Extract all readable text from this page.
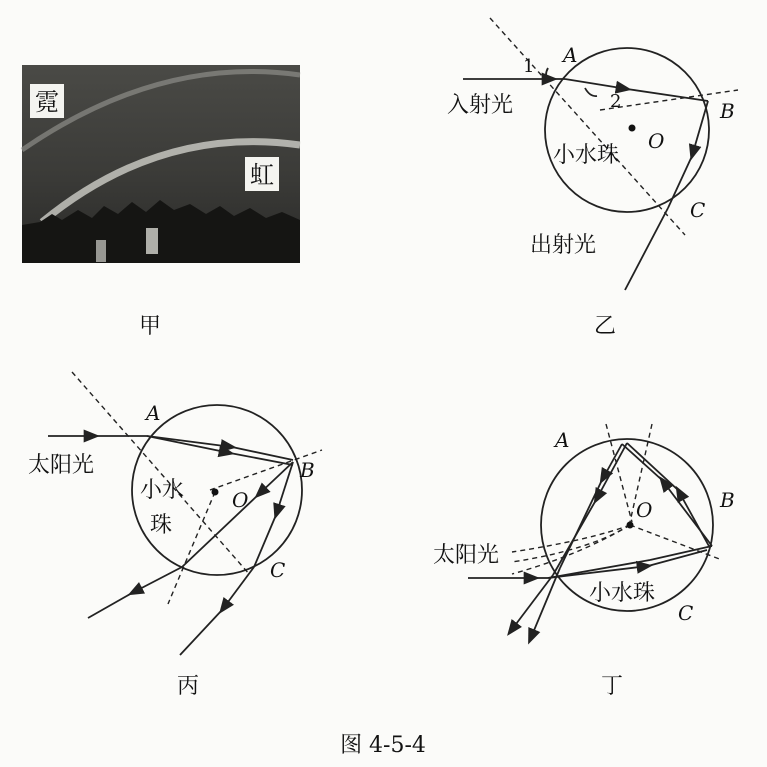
霓
虹
甲
A
B
C
O
1
2
入射光
出射光
小水珠
乙
A
B
C
O
太阳光
小水
珠
丙
A
B
C
O
太阳光
小水珠
丁
图 4-5-4
